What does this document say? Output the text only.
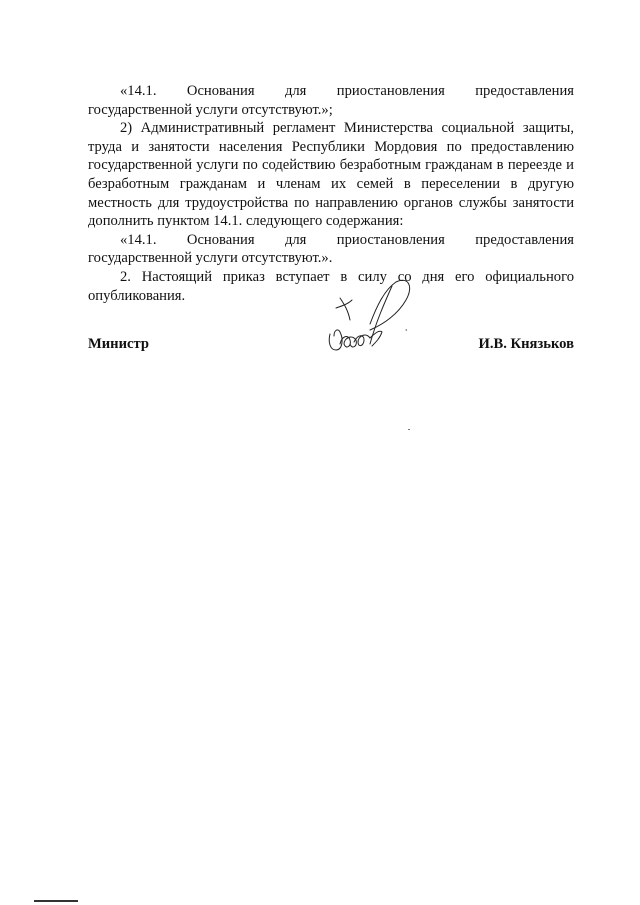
«14.1. Основания для приостановления предоставления государственной услуги отсутствуют.»;

2) Административный регламент Министерства социальной защиты, труда и занятости населения Республики Мордовия по предоставлению государственной услуги по содействию безработным гражданам в переезде и безработным гражданам и членам их семей в переселении в другую местность для трудоустройства по направлению органов службы занятости дополнить пунктом 14.1. следующего содержания:

«14.1. Основания для приостановления предоставления государственной услуги отсутствуют.».

2. Настоящий приказ вступает в силу со дня его официального опубликования.

Министр	И.В. Князьков
